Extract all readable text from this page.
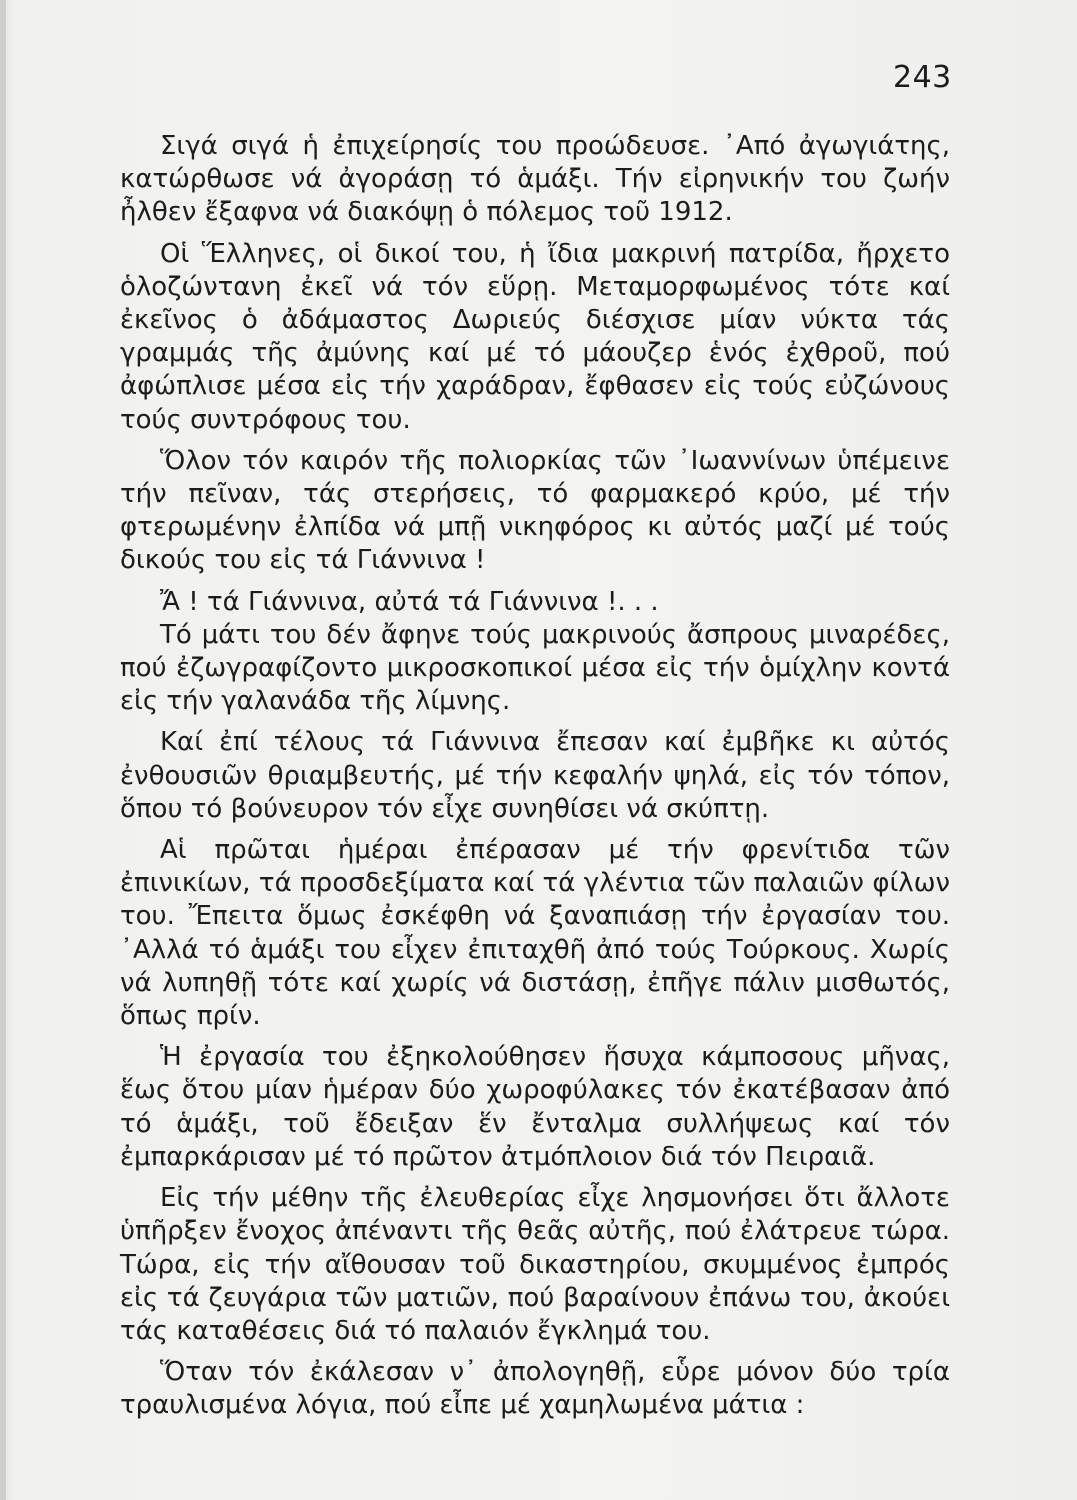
243

Σιγά σιγά ἡ ἐπιχείρησίς του προώδευσε. ᾿Από ἀγωγιάτης, κατώρθωσε νά ἀγοράσῃ τό ἁμάξι. Τήν εἰρηνικήν του ζωήν ἦλθεν ἔξαφνα νά διακόψῃ ὁ πόλεμος τοῦ 1912.

Οἱ Ἕλληνες, οἱ δικοί του, ἡ ἴδια μακρινή πατρίδα, ἤρχετο ὁλοζώντανη ἐκεῖ νά τόν εὕρῃ. Μεταμορφωμένος τότε καί ἐκεῖνος ὁ ἀδάμαστος Δωριεύς διέσχισε μίαν νύκτα τάς γραμμάς τῆς ἀμύνης καί μέ τό μάουζερ ἑνός ἐχθροῦ, πού ἀφώπλισε μέσα εἰς τήν χαράδραν, ἔφθασεν εἰς τούς εὐζώνους τούς συντρόφους του.

Ὅλον τόν καιρόν τῆς πολιορκίας τῶν ᾿Ιωαννίνων ὑπέμεινε τήν πεῖναν, τάς στερήσεις, τό φαρμακερό κρύο, μέ τήν φτερωμένην ἐλπίδα νά μπῇ νικηφόρος κι αὐτός μαζί μέ τούς δικούς του εἰς τά Γιάννινα !

Ἄ ! τά Γιάννινα, αὐτά τά Γιάννινα !. . .

Τό μάτι του δέν ἄφηνε τούς μακρινούς ἄσπρους μιναρέδες, πού ἐζωγραφίζοντο μικροσκοπικοί μέσα εἰς τήν ὁμίχλην κοντά εἰς τήν γαλανάδα τῆς λίμνης.

Καί ἐπί τέλους τά Γιάννινα ἔπεσαν καί ἐμβῆκε κι αὐτός ἐνθουσιῶν θριαμβευτής, μέ τήν κεφαλήν ψηλά, εἰς τόν τόπον, ὅπου τό βούνευρον τόν εἶχε συνηθίσει νά σκύπτῃ.

Αἱ πρῶται ἡμέραι ἐπέρασαν μέ τήν φρενίτιδα τῶν ἐπινικίων, τά προσδεξίματα καί τά γλέντια τῶν παλαιῶν φίλων του. Ἔπειτα ὅμως ἐσκέφθη νά ξαναπιάσῃ τήν ἐργασίαν του. ᾿Αλλά τό ἁμάξι του εἶχεν ἐπιταχθῆ ἀπό τούς Τούρκους. Χωρίς νά λυπηθῇ τότε καί χωρίς νά διστάσῃ, ἐπῆγε πάλιν μισθωτός, ὅπως πρίν.

Ἡ ἐργασία του ἐξηκολούθησεν ἥσυχα κάμποσους μῆνας, ἕως ὅτου μίαν ἡμέραν δύο χωροφύλακες τόν ἐκατέβασαν ἀπό τό ἁμάξι, τοῦ ἔδειξαν ἕν ἔνταλμα συλλήψεως καί τόν ἐμπαρκάρισαν μέ τό πρῶτον ἀτμόπλοιον διά τόν Πειραιᾶ.

Εἰς τήν μέθην τῆς ἐλευθερίας εἶχε λησμονήσει ὅτι ἄλλοτε ὑπῆρξεν ἔνοχος ἀπέναντι τῆς θεᾶς αὐτῆς, πού ἐλάτρευε τώρα. Τώρα, εἰς τήν αἴθουσαν τοῦ δικαστηρίου, σκυμμένος ἐμπρός εἰς τά ζευγάρια τῶν ματιῶν, πού βαραίνουν ἐπάνω του, ἀκούει τάς καταθέσεις διά τό παλαιόν ἔγκλημά του.

Ὅταν τόν ἐκάλεσαν ν᾿ ἀπολογηθῇ, εὗρε μόνον δύο τρία τραυλισμένα λόγια, πού εἶπε μέ χαμηλωμένα μάτια :
